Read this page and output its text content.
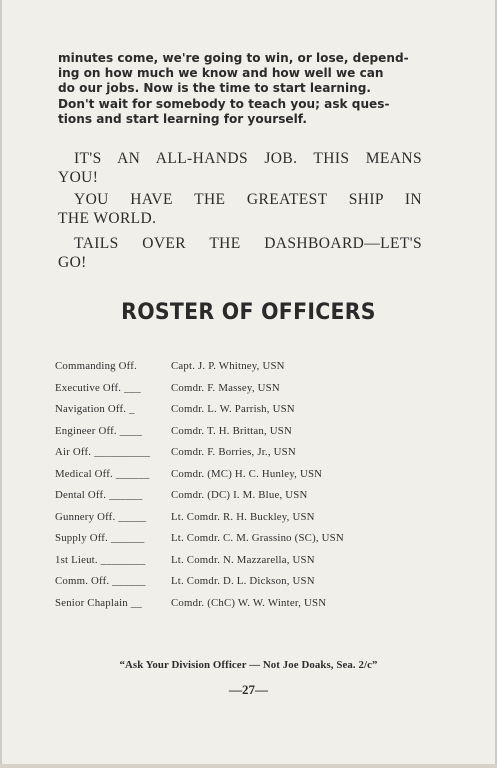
minutes come, we're going to win, or lose, depend-
ing on how much we know and how well we can
do our jobs. Now is the time to start learning.
Don't wait for somebody to teach you; ask ques-
tions and start learning for yourself.
IT'S AN ALL-HANDS JOB. THIS MEANS
YOU!
YOU HAVE THE GREATEST SHIP IN
THE WORLD.
TAILS OVER THE DASHBOARD—LET'S
GO!
ROSTER OF OFFICERS
Commanding Off.	Capt. J. P. Whitney, USN
Executive Off. ___	Comdr. F. Massey, USN
Navigation Off. _	Comdr. L. W. Parrish, USN
Engineer Off. ____	Comdr. T. H. Brittan, USN
Air Off. __________ Comdr. F. Borries, Jr., USN
Medical Off. ______ Comdr. (MC) H. C. Hunley, USN
Dental Off. ______	Comdr. (DC) I. M. Blue, USN
Gunnery Off. _____ Lt. Comdr. R. H. Buckley, USN
Supply Off. ______ Lt. Comdr. C. M. Grassino (SC), USN
1st Lieut. ________ Lt. Comdr. N. Mazzarella, USN
Comm. Off. ______ Lt. Comdr. D. L. Dickson, USN
Senior Chaplain __	Comdr. (ChC) W. W. Winter, USN
“Ask Your Division Officer — Not Joe Doaks, Sea. 2/c”
—27—
